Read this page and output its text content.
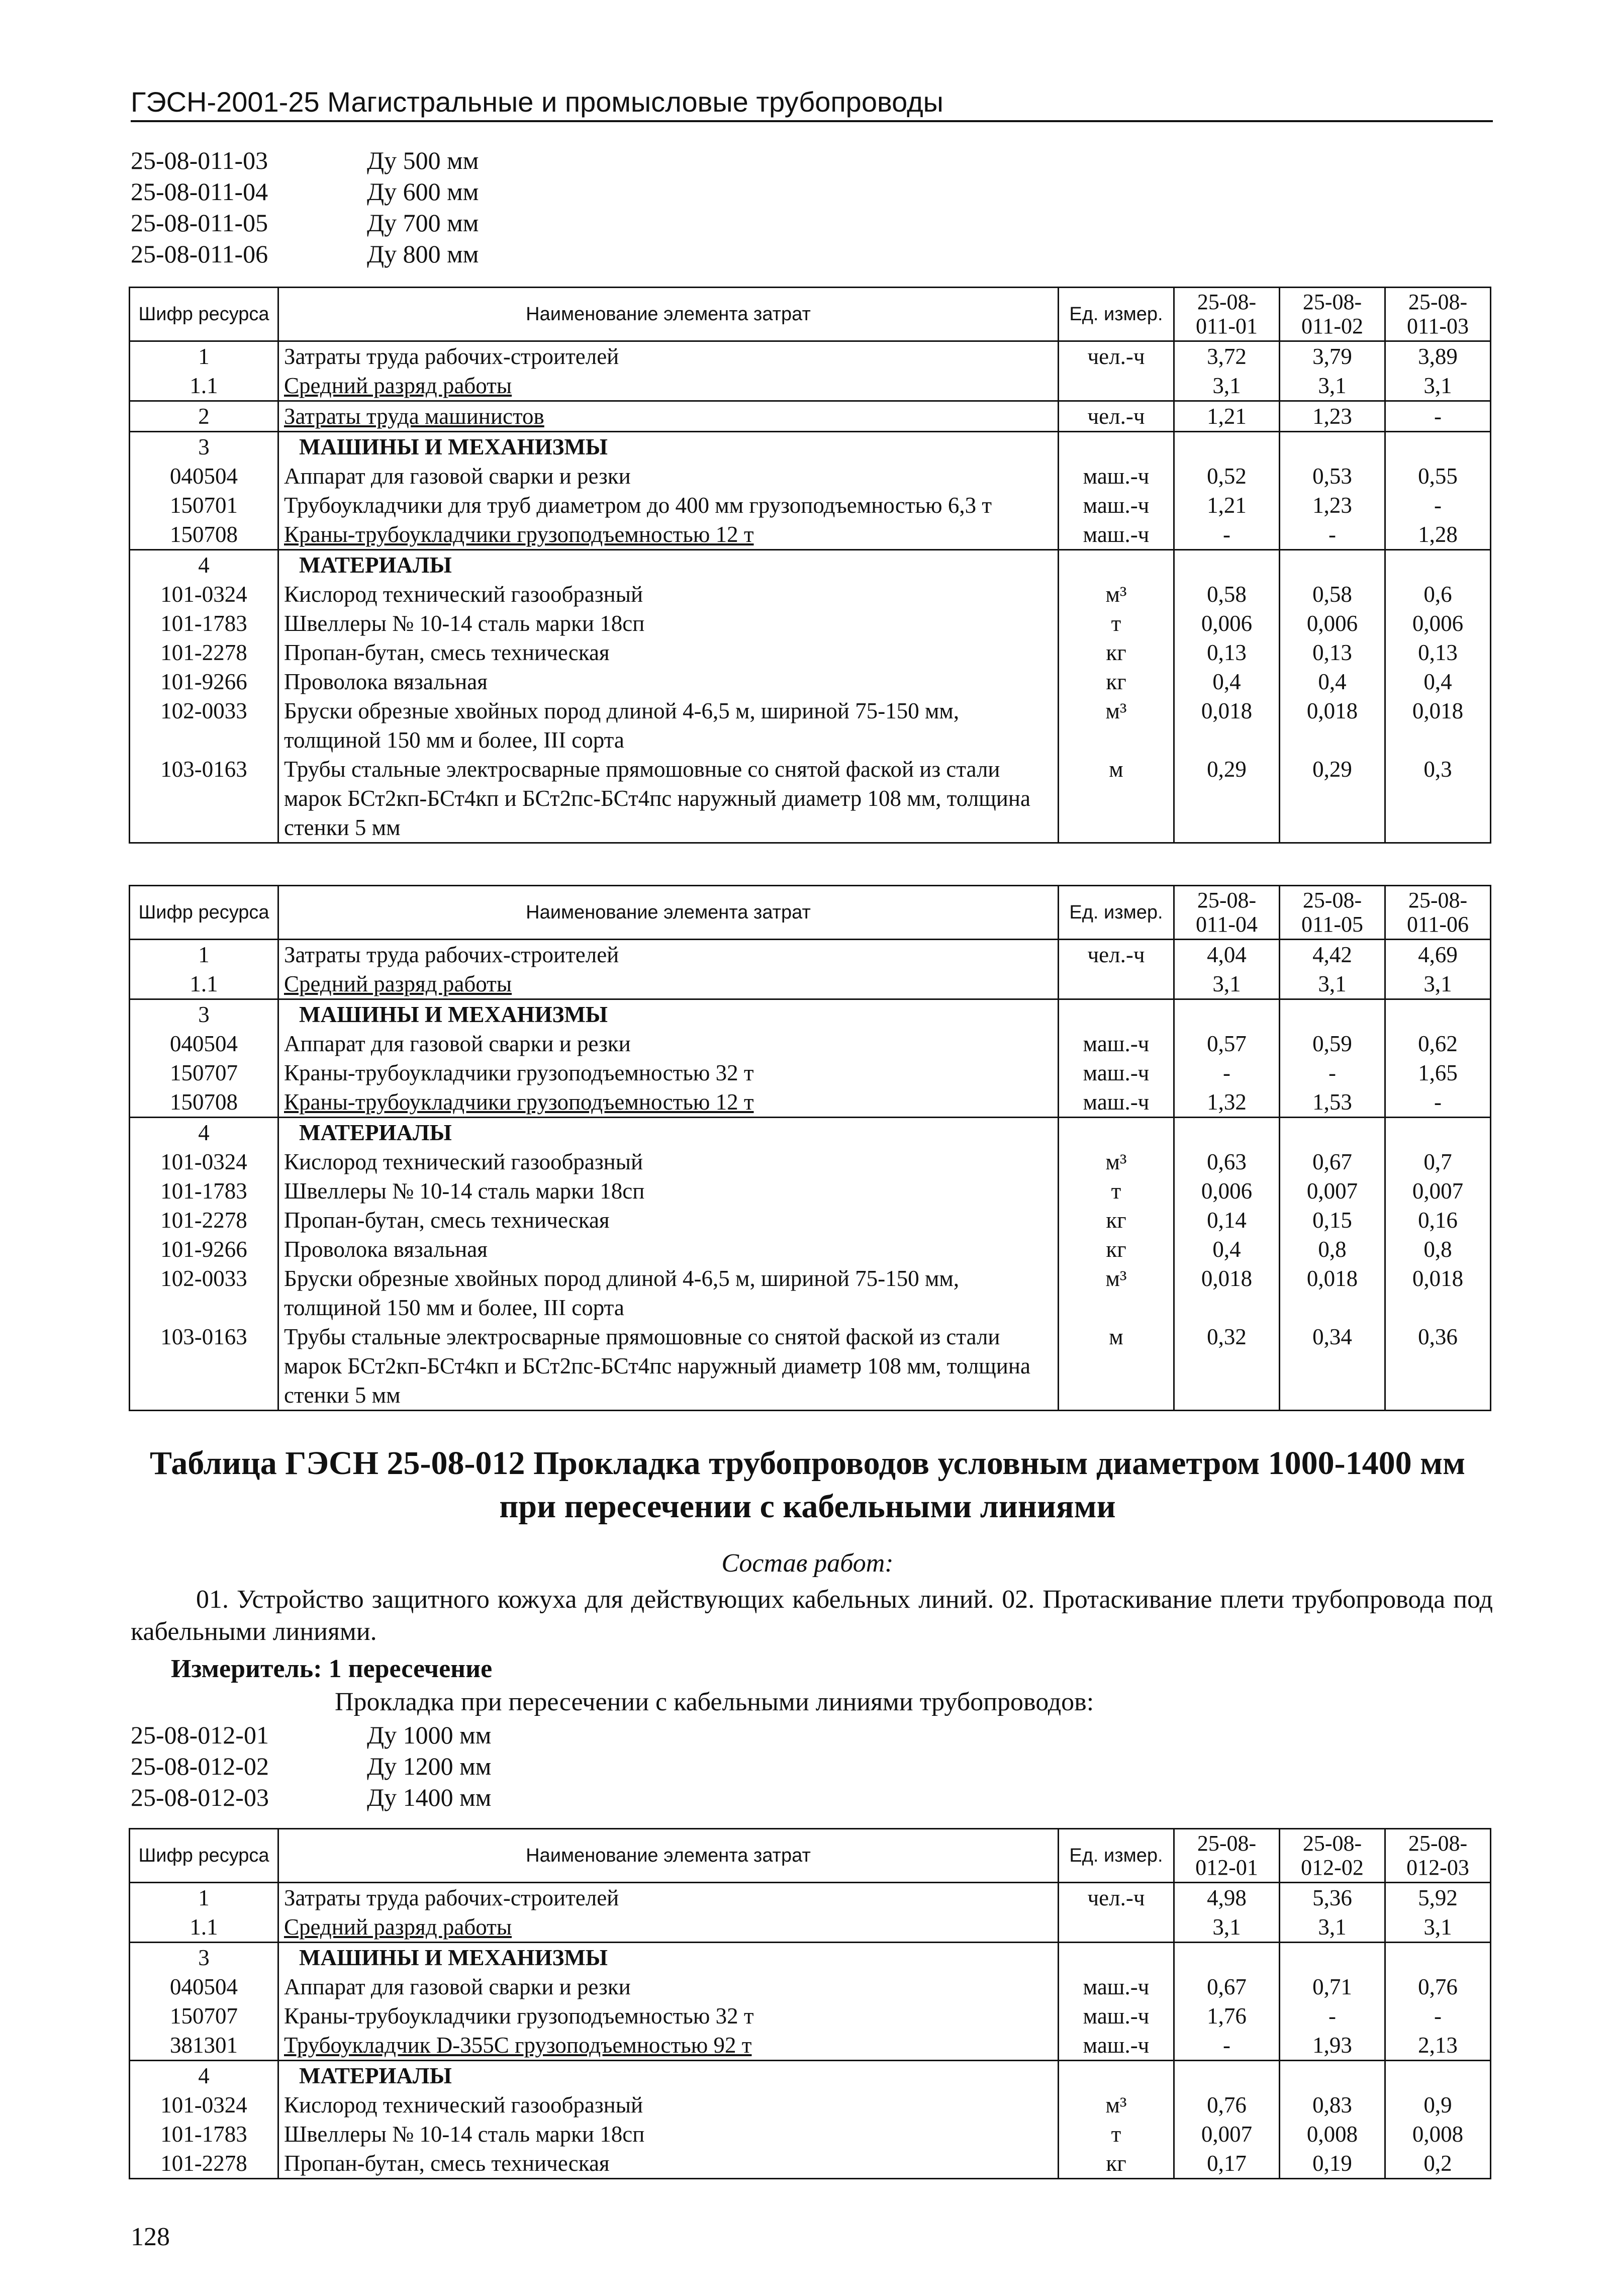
ГЭСН-2001-25 Магистральные и промысловые трубопроводы
25-08-011-03	Ду 500 мм
25-08-011-04	Ду 600 мм
25-08-011-05	Ду 700 мм
25-08-011-06	Ду 800 мм
Шифр ресурса	Наименование элемента затрат	Ед. измер.	25-08-011-01	25-08-011-02	25-08-011-03
1	Затраты труда рабочих-строителей	чел.-ч	3,72	3,79	3,89
1.1	Средний разряд работы		3,1	3,1	3,1
2	Затраты труда машинистов	чел.-ч	1,21	1,23	-
3	МАШИНЫ И МЕХАНИЗМЫ				
040504	Аппарат для газовой сварки и резки	маш.-ч	0,52	0,53	0,55
150701	Трубоукладчики для труб диаметром до 400 мм грузоподъемностью 6,3 т	маш.-ч	1,21	1,23	-
150708	Краны-трубоукладчики грузоподъемностью 12 т	маш.-ч	-	-	1,28
4	МАТЕРИАЛЫ				
101-0324	Кислород технический газообразный	м³	0,58	0,58	0,6
101-1783	Швеллеры № 10-14 сталь марки 18сп	т	0,006	0,006	0,006
101-2278	Пропан-бутан, смесь техническая	кг	0,13	0,13	0,13
101-9266	Проволока вязальная	кг	0,4	0,4	0,4
102-0033	Бруски обрезные хвойных пород длиной 4-6,5 м, шириной 75-150 мм, толщиной 150 мм и более, III сорта	м³	0,018	0,018	0,018
103-0163	Трубы стальные электросварные прямошовные со снятой фаской из стали марок БСт2кп-БСт4кп и БСт2пс-БСт4пс наружный диаметр 108 мм, толщина стенки 5 мм	м	0,29	0,29	0,3
Шифр ресурса	Наименование элемента затрат	Ед. измер.	25-08-011-04	25-08-011-05	25-08-011-06
1	Затраты труда рабочих-строителей	чел.-ч	4,04	4,42	4,69
1.1	Средний разряд работы		3,1	3,1	3,1
3	МАШИНЫ И МЕХАНИЗМЫ				
040504	Аппарат для газовой сварки и резки	маш.-ч	0,57	0,59	0,62
150707	Краны-трубоукладчики грузоподъемностью 32 т	маш.-ч	-	-	1,65
150708	Краны-трубоукладчики грузоподъемностью 12 т	маш.-ч	1,32	1,53	-
4	МАТЕРИАЛЫ				
101-0324	Кислород технический газообразный	м³	0,63	0,67	0,7
101-1783	Швеллеры № 10-14 сталь марки 18сп	т	0,006	0,007	0,007
101-2278	Пропан-бутан, смесь техническая	кг	0,14	0,15	0,16
101-9266	Проволока вязальная	кг	0,4	0,8	0,8
102-0033	Бруски обрезные хвойных пород длиной 4-6,5 м, шириной 75-150 мм, толщиной 150 мм и более, III сорта	м³	0,018	0,018	0,018
103-0163	Трубы стальные электросварные прямошовные со снятой фаской из стали марок БСт2кп-БСт4кп и БСт2пс-БСт4пс наружный диаметр 108 мм, толщина стенки 5 мм	м	0,32	0,34	0,36
Таблица ГЭСН 25-08-012 Прокладка трубопроводов условным диаметром 1000-1400 мм
при пересечении с кабельными линиями
Состав работ:
01. Устройство защитного кожуха для действующих кабельных линий. 02. Протаскивание плети трубопровода под кабельными линиями.
Измеритель: 1 пересечение
Прокладка при пересечении с кабельными линиями трубопроводов:
25-08-012-01	Ду 1000 мм
25-08-012-02	Ду 1200 мм
25-08-012-03	Ду 1400 мм
Шифр ресурса	Наименование элемента затрат	Ед. измер.	25-08-012-01	25-08-012-02	25-08-012-03
1	Затраты труда рабочих-строителей	чел.-ч	4,98	5,36	5,92
1.1	Средний разряд работы		3,1	3,1	3,1
3	МАШИНЫ И МЕХАНИЗМЫ				
040504	Аппарат для газовой сварки и резки	маш.-ч	0,67	0,71	0,76
150707	Краны-трубоукладчики грузоподъемностью 32 т	маш.-ч	1,76	-	-
381301	Трубоукладчик D-355C грузоподъемностью 92 т	маш.-ч	-	1,93	2,13
4	МАТЕРИАЛЫ				
101-0324	Кислород технический газообразный	м³	0,76	0,83	0,9
101-1783	Швеллеры № 10-14 сталь марки 18сп	т	0,007	0,008	0,008
101-2278	Пропан-бутан, смесь техническая	кг	0,17	0,19	0,2
128
